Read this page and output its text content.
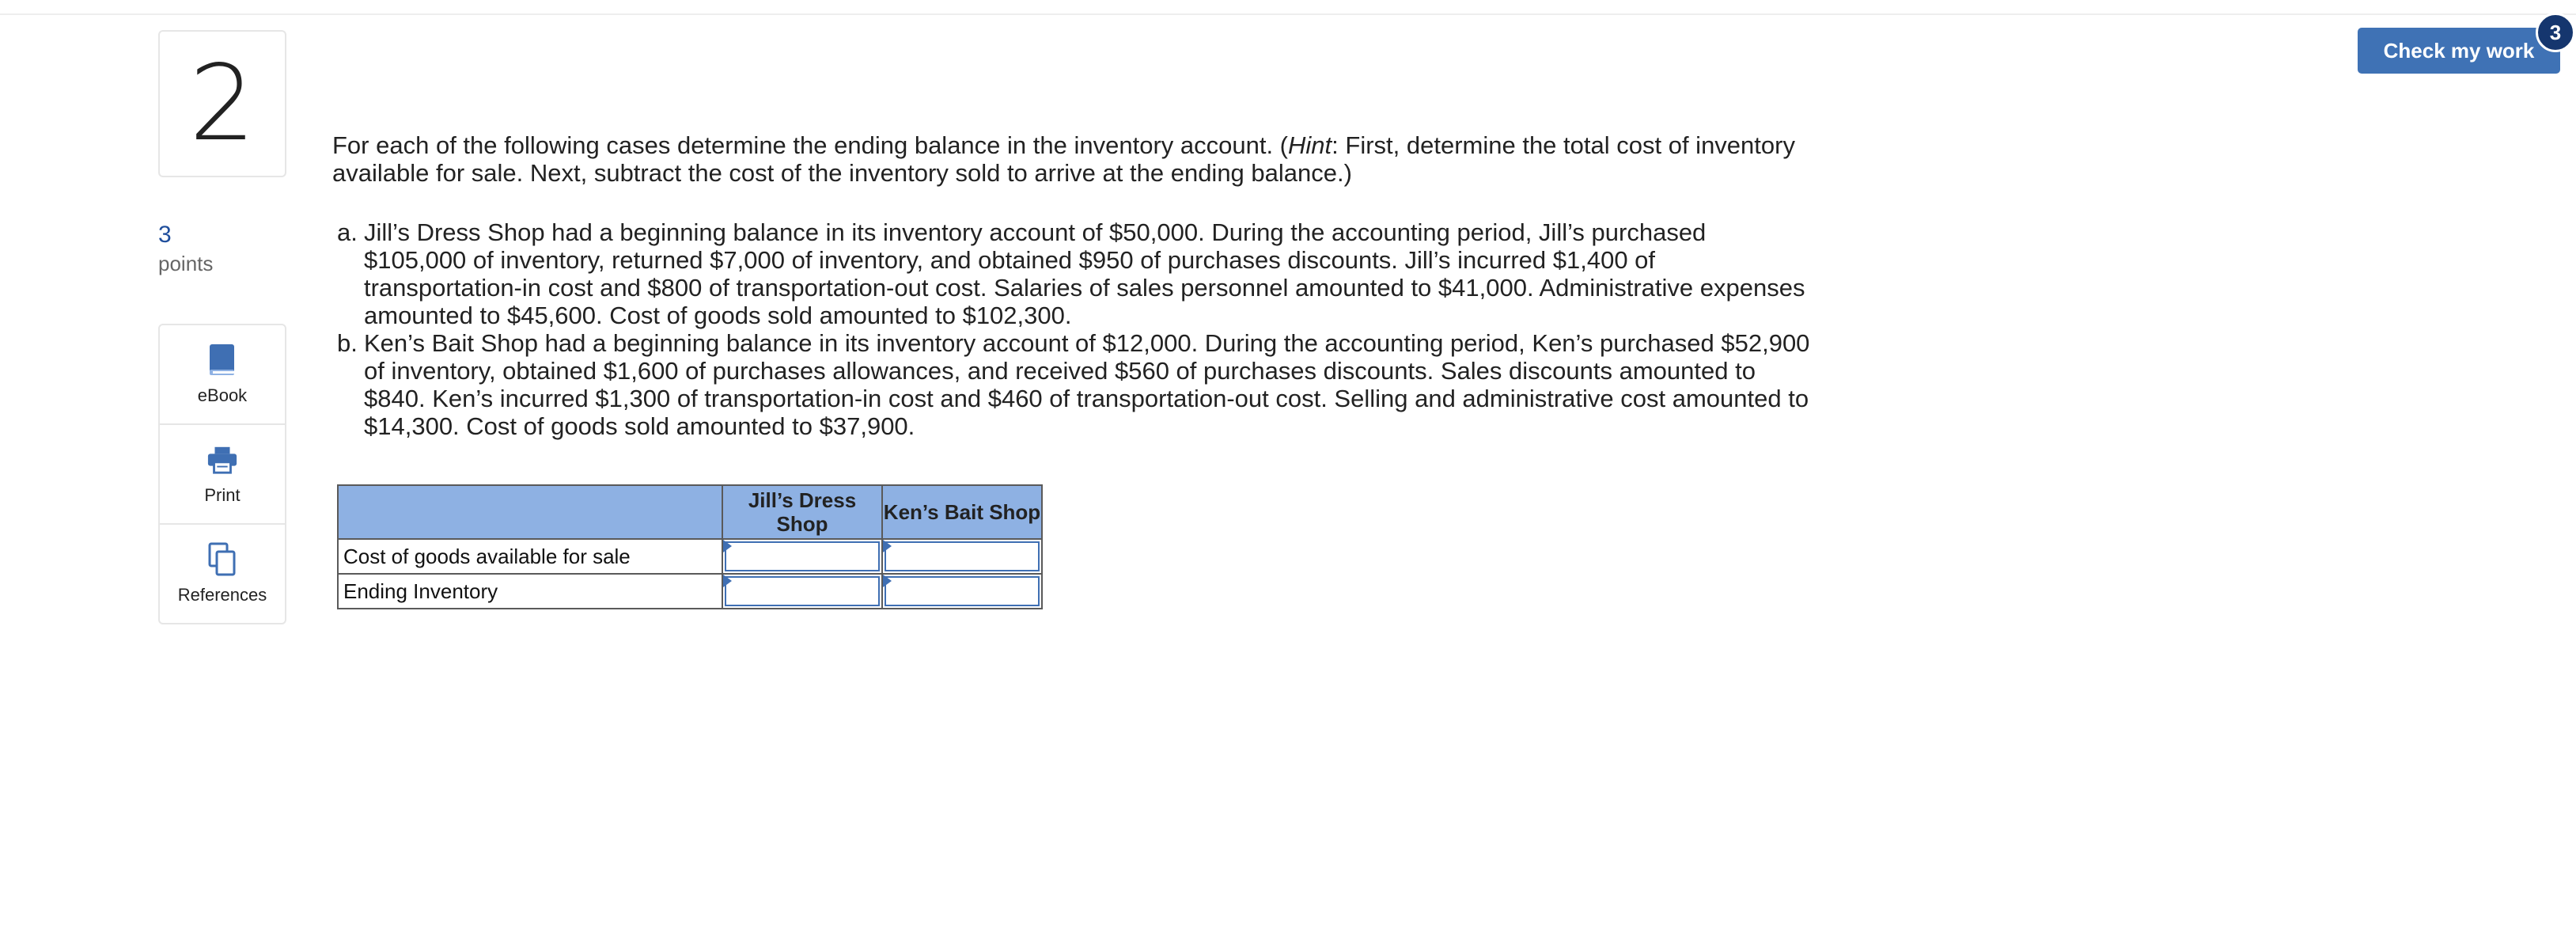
2
3
points
eBook
Print
References
Check my work
3

For each of the following cases determine the ending balance in the inventory account. (Hint: First, determine the total cost of inventory available for sale. Next, subtract the cost of the inventory sold to arrive at the ending balance.)

a. Jill’s Dress Shop had a beginning balance in its inventory account of $50,000. During the accounting period, Jill’s purchased $105,000 of inventory, returned $7,000 of inventory, and obtained $950 of purchases discounts. Jill’s incurred $1,400 of transportation-in cost and $800 of transportation-out cost. Salaries of sales personnel amounted to $41,000. Administrative expenses amounted to $45,600. Cost of goods sold amounted to $102,300.
b. Ken’s Bait Shop had a beginning balance in its inventory account of $12,000. During the accounting period, Ken’s purchased $52,900 of inventory, obtained $1,600 of purchases allowances, and received $560 of purchases discounts. Sales discounts amounted to $840. Ken’s incurred $1,300 of transportation-in cost and $460 of transportation-out cost. Selling and administrative cost amounted to $14,300. Cost of goods sold amounted to $37,900.
	Jill’s Dress Shop	Ken’s Bait Shop
Cost of goods available for sale	

Ending Inventory	
